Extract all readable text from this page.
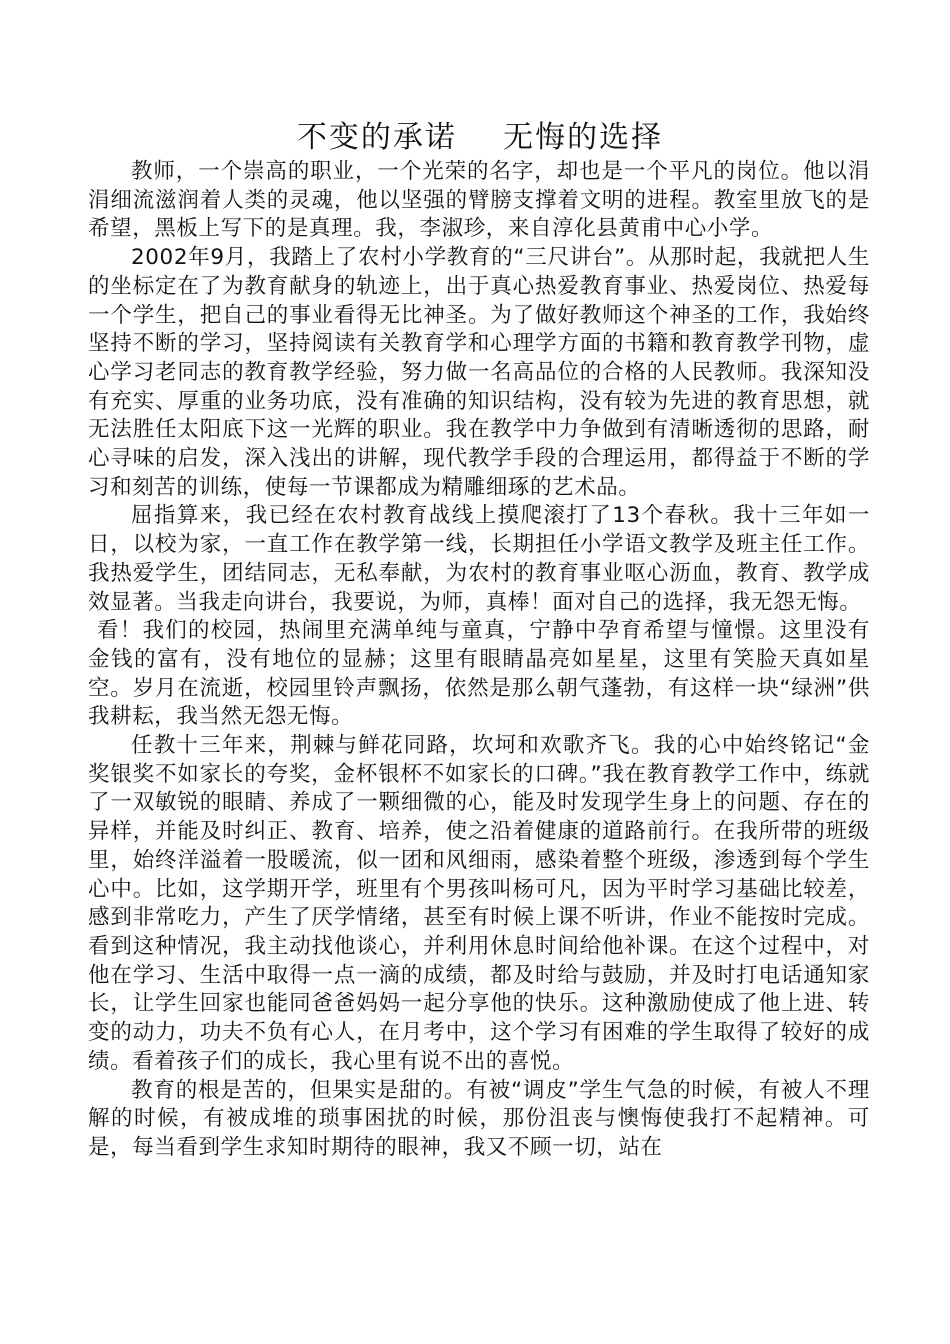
不变的承诺    无悔的选择

教师，一个崇高的职业，一个光荣的名字，却也是一个平凡的岗位。他以涓涓细流滋润着人类的灵魂，他以坚强的臂膀支撑着文明的进程。教室里放飞的是希望，黑板上写下的是真理。我，李淑珍，来自淳化县黄甫中心小学。

2002年9月，我踏上了农村小学教育的“三尺讲台”。从那时起，我就把人生的坐标定在了为教育献身的轨迹上，出于真心热爱教育事业、热爱岗位、热爱每一个学生，把自己的事业看得无比神圣。为了做好教师这个神圣的工作，我始终坚持不断的学习，坚持阅读有关教育学和心理学方面的书籍和教育教学刊物，虚心学习老同志的教育教学经验，努力做一名高品位的合格的人民教师。我深知没有充实、厚重的业务功底，没有准确的知识结构，没有较为先进的教育思想，就无法胜任太阳底下这一光辉的职业。我在教学中力争做到有清晰透彻的思路，耐心寻味的启发，深入浅出的讲解，现代教学手段的合理运用，都得益于不断的学习和刻苦的训练，使每一节课都成为精雕细琢的艺术品。

屈指算来，我已经在农村教育战线上摸爬滚打了13个春秋。我十三年如一日，以校为家，一直工作在教学第一线，长期担任小学语文教学及班主任工作。我热爱学生，团结同志，无私奉献，为农村的教育事业呕心沥血，教育、教学成效显著。当我走向讲台，我要说，为师，真棒！面对自己的选择，我无怨无悔。

看！我们的校园，热闹里充满单纯与童真，宁静中孕育希望与憧憬。这里没有金钱的富有，没有地位的显赫；这里有眼睛晶亮如星星，这里有笑脸天真如星空。岁月在流逝，校园里铃声飘扬，依然是那么朝气蓬勃，有这样一块“绿洲”供我耕耘，我当然无怨无悔。

任教十三年来，荆棘与鲜花同路，坎坷和欢歌齐飞。我的心中始终铭记“金奖银奖不如家长的夸奖，金杯银杯不如家长的口碑。”我在教育教学工作中，练就了一双敏锐的眼睛、养成了一颗细微的心，能及时发现学生身上的问题、存在的异样，并能及时纠正、教育、培养，使之沿着健康的道路前行。在我所带的班级里，始终洋溢着一股暖流，似一团和风细雨，感染着整个班级，渗透到每个学生心中。比如，这学期开学，班里有个男孩叫杨可凡，因为平时学习基础比较差，感到非常吃力，产生了厌学情绪，甚至有时候上课不听讲，作业不能按时完成。看到这种情况，我主动找他谈心，并利用休息时间给他补课。在这个过程中，对他在学习、生活中取得一点一滴的成绩，都及时给与鼓励，并及时打电话通知家长，让学生回家也能同爸爸妈妈一起分享他的快乐。这种激励使成了他上进、转变的动力，功夫不负有心人，在月考中，这个学习有困难的学生取得了较好的成绩。看着孩子们的成长，我心里有说不出的喜悦。

教育的根是苦的，但果实是甜的。有被“调皮”学生气急的时候，有被人不理解的时候，有被成堆的琐事困扰的时候，那份沮丧与懊悔使我打不起精神。可是，每当看到学生求知时期待的眼神，我又不顾一切，站在
